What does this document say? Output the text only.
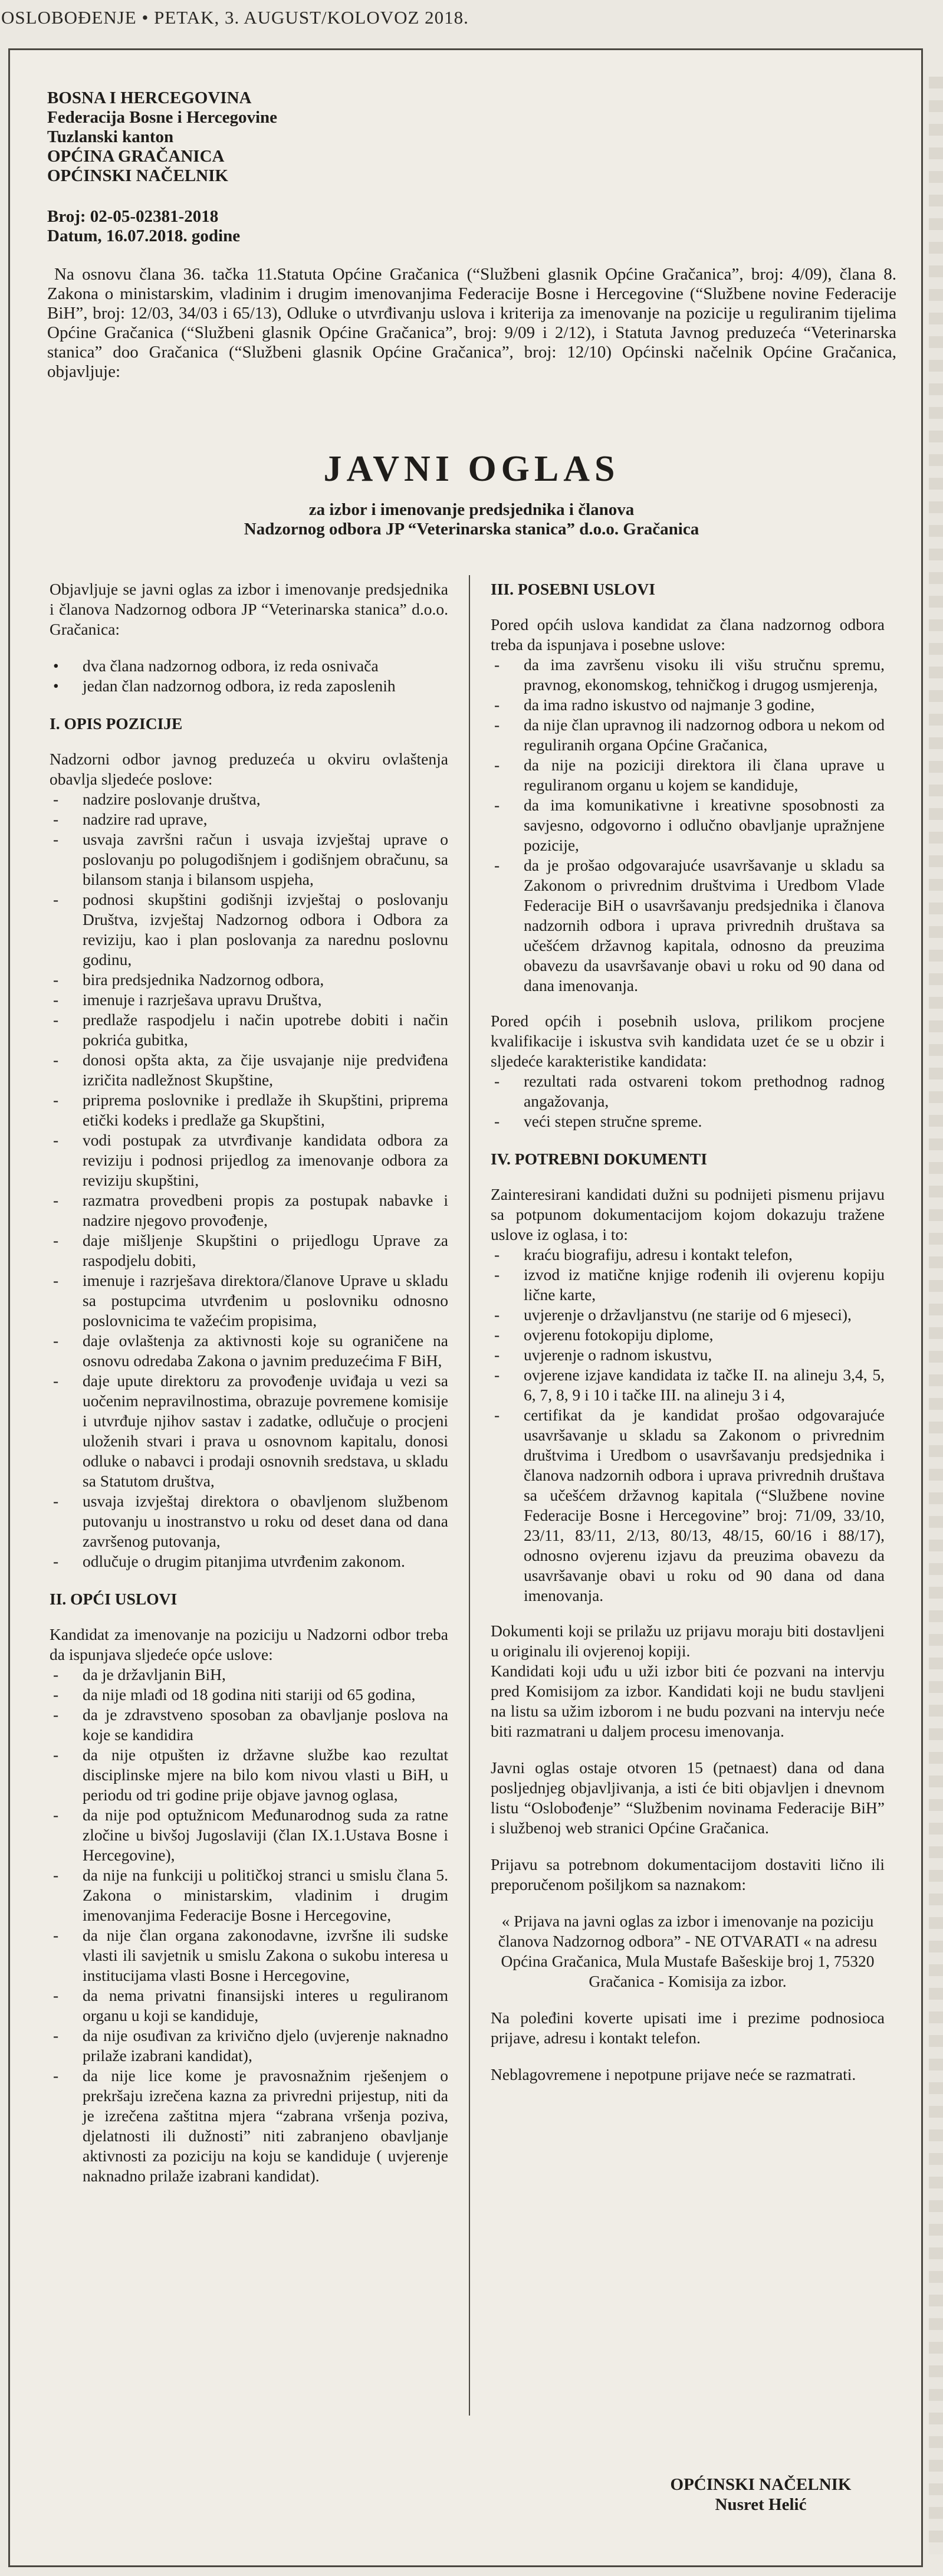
OSLOBOĐENJE • PETAK, 3. AUGUST/KOLOVOZ 2018.
BOSNA I HERCEGOVINA
Federacija Bosne i Hercegovine
Tuzlanski kanton
OPĆINA GRAČANICA
OPĆINSKI NAČELNIK
Broj: 02-05-02381-2018
Datum, 16.07.2018. godine
Na osnovu člana 36. tačka 11.Statuta Općine Gračanica (“Službeni glasnik Općine Gračanica”, broj: 4/09), člana 8. Zakona o ministarskim, vladinim i drugim imenovanjima Federacije Bosne i Hercegovine (“Službene novine Federacije BiH”, broj: 12/03, 34/03 i 65/13), Odluke o utvrđivanju uslova i kriterija za imenovanje na pozicije u reguliranim tijelima Općine Gračanica (“Službeni glasnik Općine Gračanica”, broj: 9/09 i 2/12), i Statuta Javnog preduzeća “Veterinarska stanica” doo Gračanica (“Službeni glasnik Općine Gračanica”, broj: 12/10) Općinski načelnik Općine Gračanica, objavljuje:
JAVNI OGLAS
za izbor i imenovanje predsjednika i članova
Nadzornog odbora JP “Veterinarska stanica” d.o.o. Gračanica

Objavljuje se javni oglas za izbor i imenovanje predsjednika i članova Nadzornog odbora JP “Veterinarska stanica” d.o.o. Gračanica:

• dva člana nadzornog odbora, iz reda osnivača
• jedan član nadzornog odbora, iz reda zaposlenih
I. OPIS POZICIJE

Nadzorni odbor javnog preduzeća u okviru ovlaštenja obavlja sljedeće poslove:

- nadzire poslovanje društva,
- nadzire rad uprave,
- usvaja završni račun i usvaja izvještaj uprave o poslovanju po polugodišnjem i godišnjem obračunu, sa bilansom stanja i bilansom uspjeha,
- podnosi skupštini godišnji izvještaj o poslovanju Društva, izvještaj Nadzornog odbora i Odbora za reviziju, kao i plan poslovanja za narednu poslovnu godinu,
- bira predsjednika Nadzornog odbora,
- imenuje i razrješava upravu Društva,
- predlaže raspodjelu i način upotrebe dobiti i način pokrića gubitka,
- donosi opšta akta, za čije usvajanje nije predviđena izričita nadležnost Skupštine,
- priprema poslovnike i predlaže ih Skupštini, priprema etički kodeks i predlaže ga Skupštini,
- vodi postupak za utvrđivanje kandidata odbora za reviziju i podnosi prijedlog za imenovanje odbora za reviziju skupštini,
- razmatra provedbeni propis za postupak nabavke i nadzire njegovo provođenje,
- daje mišljenje Skupštini o prijedlogu Uprave za raspodjelu dobiti,
- imenuje i razrješava direktora/članove Uprave u skladu sa postupcima utvrđenim u poslovniku odnosno poslovnicima te važećim propisima,
- daje ovlaštenja za aktivnosti koje su ograničene na osnovu odredaba Zakona o javnim preduzećima F BiH,
- daje upute direktoru za provođenje uviđaja u vezi sa uočenim nepravilnostima, obrazuje povremene komisije i utvrđuje njihov sastav i zadatke, odlučuje o procjeni uloženih stvari i prava u osnovnom kapitalu, donosi odluke o nabavci i prodaji osnovnih sredstava, u skladu sa Statutom društva,
- usvaja izvještaj direktora o obavljenom službenom putovanju u inostranstvo u roku od deset dana od dana završenog putovanja,
- odlučuje o drugim pitanjima utvrđenim zakonom.
II. OPĆI USLOVI

Kandidat za imenovanje na poziciju u Nadzorni odbor treba da ispunjava sljedeće opće uslove:

- da je državljanin BiH,
- da nije mlađi od 18 godina niti stariji od 65 godina,
- da je zdravstveno sposoban za obavljanje poslova na koje se kandidira
- da nije otpušten iz državne službe kao rezultat disciplinske mjere na bilo kom nivou vlasti u BiH, u periodu od tri godine prije objave javnog oglasa,
- da nije pod optužnicom Međunarodnog suda za ratne zločine u bivšoj Jugoslaviji (član IX.1.Ustava Bosne i Hercegovine),
- da nije na funkciji u političkoj stranci u smislu člana 5. Zakona o ministarskim, vladinim i drugim imenovanjima Federacije Bosne i Hercegovine,
- da nije član organa zakonodavne, izvršne ili sudske vlasti ili savjetnik u smislu Zakona o sukobu interesa u institucijama vlasti Bosne i Hercegovine,
- da nema privatni finansijski interes u reguliranom organu u koji se kandiduje,
- da nije osuđivan za krivično djelo (uvjerenje naknadno prilaže izabrani kandidat),
- da nije lice kome je pravosnažnim rješenjem o prekršaju izrečena kazna za privredni prijestup, niti da je izrečena zaštitna mjera “zabrana vršenja poziva, djelatnosti ili dužnosti” niti zabranjeno obavljanje aktivnosti za poziciju na koju se kandiduje ( uvjerenje naknadno prilaže izabrani kandidat).
III. POSEBNI USLOVI

Pored općih uslova kandidat za člana nadzornog odbora treba da ispunjava i posebne uslove:

- da ima završenu visoku ili višu stručnu spremu, pravnog, ekonomskog, tehničkog i drugog usmjerenja,
- da ima radno iskustvo od najmanje 3 godine,
- da nije član upravnog ili nadzornog odbora u nekom od reguliranih organa Općine Gračanica,
- da nije na poziciji direktora ili člana uprave u reguliranom organu u kojem se kandiduje,
- da ima komunikativne i kreativne sposobnosti za savjesno, odgovorno i odlučno obavljanje upražnjene pozicije,
- da je prošao odgovarajuće usavršavanje u skladu sa Zakonom o privrednim društvima i Uredbom Vlade Federacije BiH o usavršavanju predsjednika i članova nadzornih odbora i uprava privrednih društava sa učešćem državnog kapitala, odnosno da preuzima obavezu da usavršavanje obavi u roku od 90 dana od dana imenovanja.

Pored općih i posebnih uslova, prilikom procjene kvalifikacije i iskustva svih kandidata uzet će se u obzir i sljedeće karakteristike kandidata:

- rezultati rada ostvareni tokom prethodnog radnog angažovanja,
- veći stepen stručne spreme.
IV. POTREBNI DOKUMENTI

Zainteresirani kandidati dužni su podnijeti pismenu prijavu sa potpunom dokumentacijom kojom dokazuju tražene uslove iz oglasa, i to:

- kraću biografiju, adresu i kontakt telefon,
- izvod iz matične knjige rođenih ili ovjerenu kopiju lične karte,
- uvjerenje o državljanstvu (ne starije od 6 mjeseci),
- ovjerenu fotokopiju diplome,
- uvjerenje o radnom iskustvu,
- ovjerene izjave kandidata iz tačke II. na alineju 3,4, 5, 6, 7, 8, 9 i 10 i tačke III. na alineju 3 i 4,
- certifikat da je kandidat prošao odgovarajuće usavršavanje u skladu sa Zakonom o privrednim društvima i Uredbom o usavršavanju predsjednika i članova nadzornih odbora i uprava privrednih društava sa učešćem državnog kapitala (“Službene novine Federacije Bosne i Hercegovine” broj: 71/09, 33/10, 23/11, 83/11, 2/13, 80/13, 48/15, 60/16 i 88/17), odnosno ovjerenu izjavu da preuzima obavezu da usavršavanje obavi u roku od 90 dana od dana imenovanja.

Dokumenti koji se prilažu uz prijavu moraju biti dostavljeni u originalu ili ovjerenoj kopiji.

Kandidati koji uđu u uži izbor biti će pozvani na intervju pred Komisijom za izbor. Kandidati koji ne budu stavljeni na listu sa užim izborom i ne budu pozvani na intervju neće biti razmatrani u daljem procesu imenovanja.

Javni oglas ostaje otvoren 15 (petnaest) dana od dana posljednjeg objavljivanja, a isti će biti objavljen i dnevnom listu “Oslobođenje” “Službenim novinama Federacije BiH” i službenoj web stranici Općine Gračanica.

Prijavu sa potrebnom dokumentacijom dostaviti lično ili preporučenom pošiljkom sa naznakom:

« Prijava na javni oglas za izbor i imenovanje na poziciju članova Nadzornog odbora” - NE OTVARATI « na adresu Općina Gračanica, Mula Mustafe Bašeskije broj 1, 75320 Gračanica - Komisija za izbor.

Na poleđini koverte upisati ime i prezime podnosioca prijave, adresu i kontakt telefon.

Neblagovremene i nepotpune prijave neće se razmatrati.

OPĆINSKI NAČELNIK
Nusret Helić
